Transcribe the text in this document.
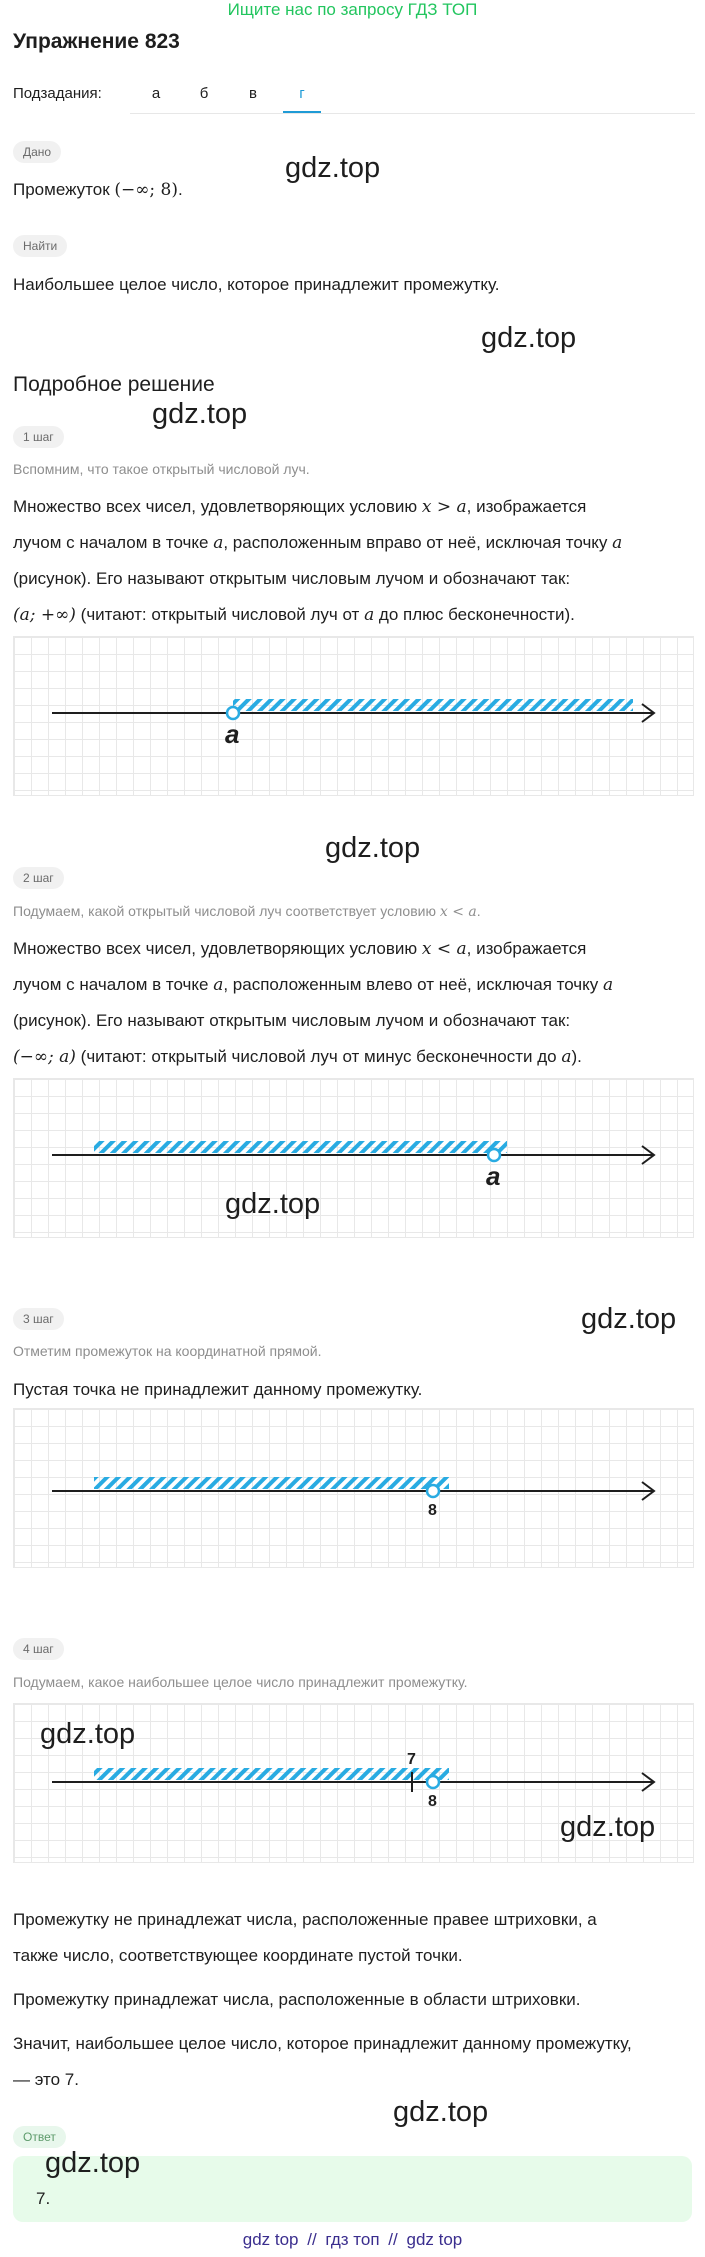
Ищите нас по запросу ГДЗ ТОП
Упражнение 823
Подзадания:	а	б	в	г
Дано
Промежуток (−∞; 8).
gdz.top
Найти
Наибольшее целое число, которое принадлежит промежутку.
gdz.top
Подробное решение
gdz.top
1 шаг
Вспомним, что такое открытый числовой луч.
Множество всех чисел, удовлетворяющих условию x > a, изображается
лучом с началом в точке a, расположенным вправо от неё, исключая точку a
(рисунок). Его называют открытым числовым лучом и обозначают так:
(a; +∞) (читают: открытый числовой луч от a до плюс бесконечности).
a
gdz.top
2 шаг
Подумаем, какой открытый числовой луч соответствует условию x < a.
Множество всех чисел, удовлетворяющих условию x < a, изображается
лучом с началом в точке a, расположенным влево от неё, исключая точку a
(рисунок). Его называют открытым числовым лучом и обозначают так:
(−∞; a) (читают: открытый числовой луч от минус бесконечности до a).
a
gdz.top
3 шаг	gdz.top
Отметим промежуток на координатной прямой.
Пустая точка не принадлежит данному промежутку.
8
4 шаг
Подумаем, какое наибольшее целое число принадлежит промежутку.
7
8
gdz.top
gdz.top
Промежутку не принадлежат числа, расположенные правее штриховки, а
также число, соответствующее координате пустой точки.
Промежутку принадлежат числа, расположенные в области штриховки.
Значит, наибольшее целое число, которое принадлежит данному промежутку,
— это 7.
gdz.top
Ответ
gdz.top
7.
gdz top // гдз топ // gdz top
